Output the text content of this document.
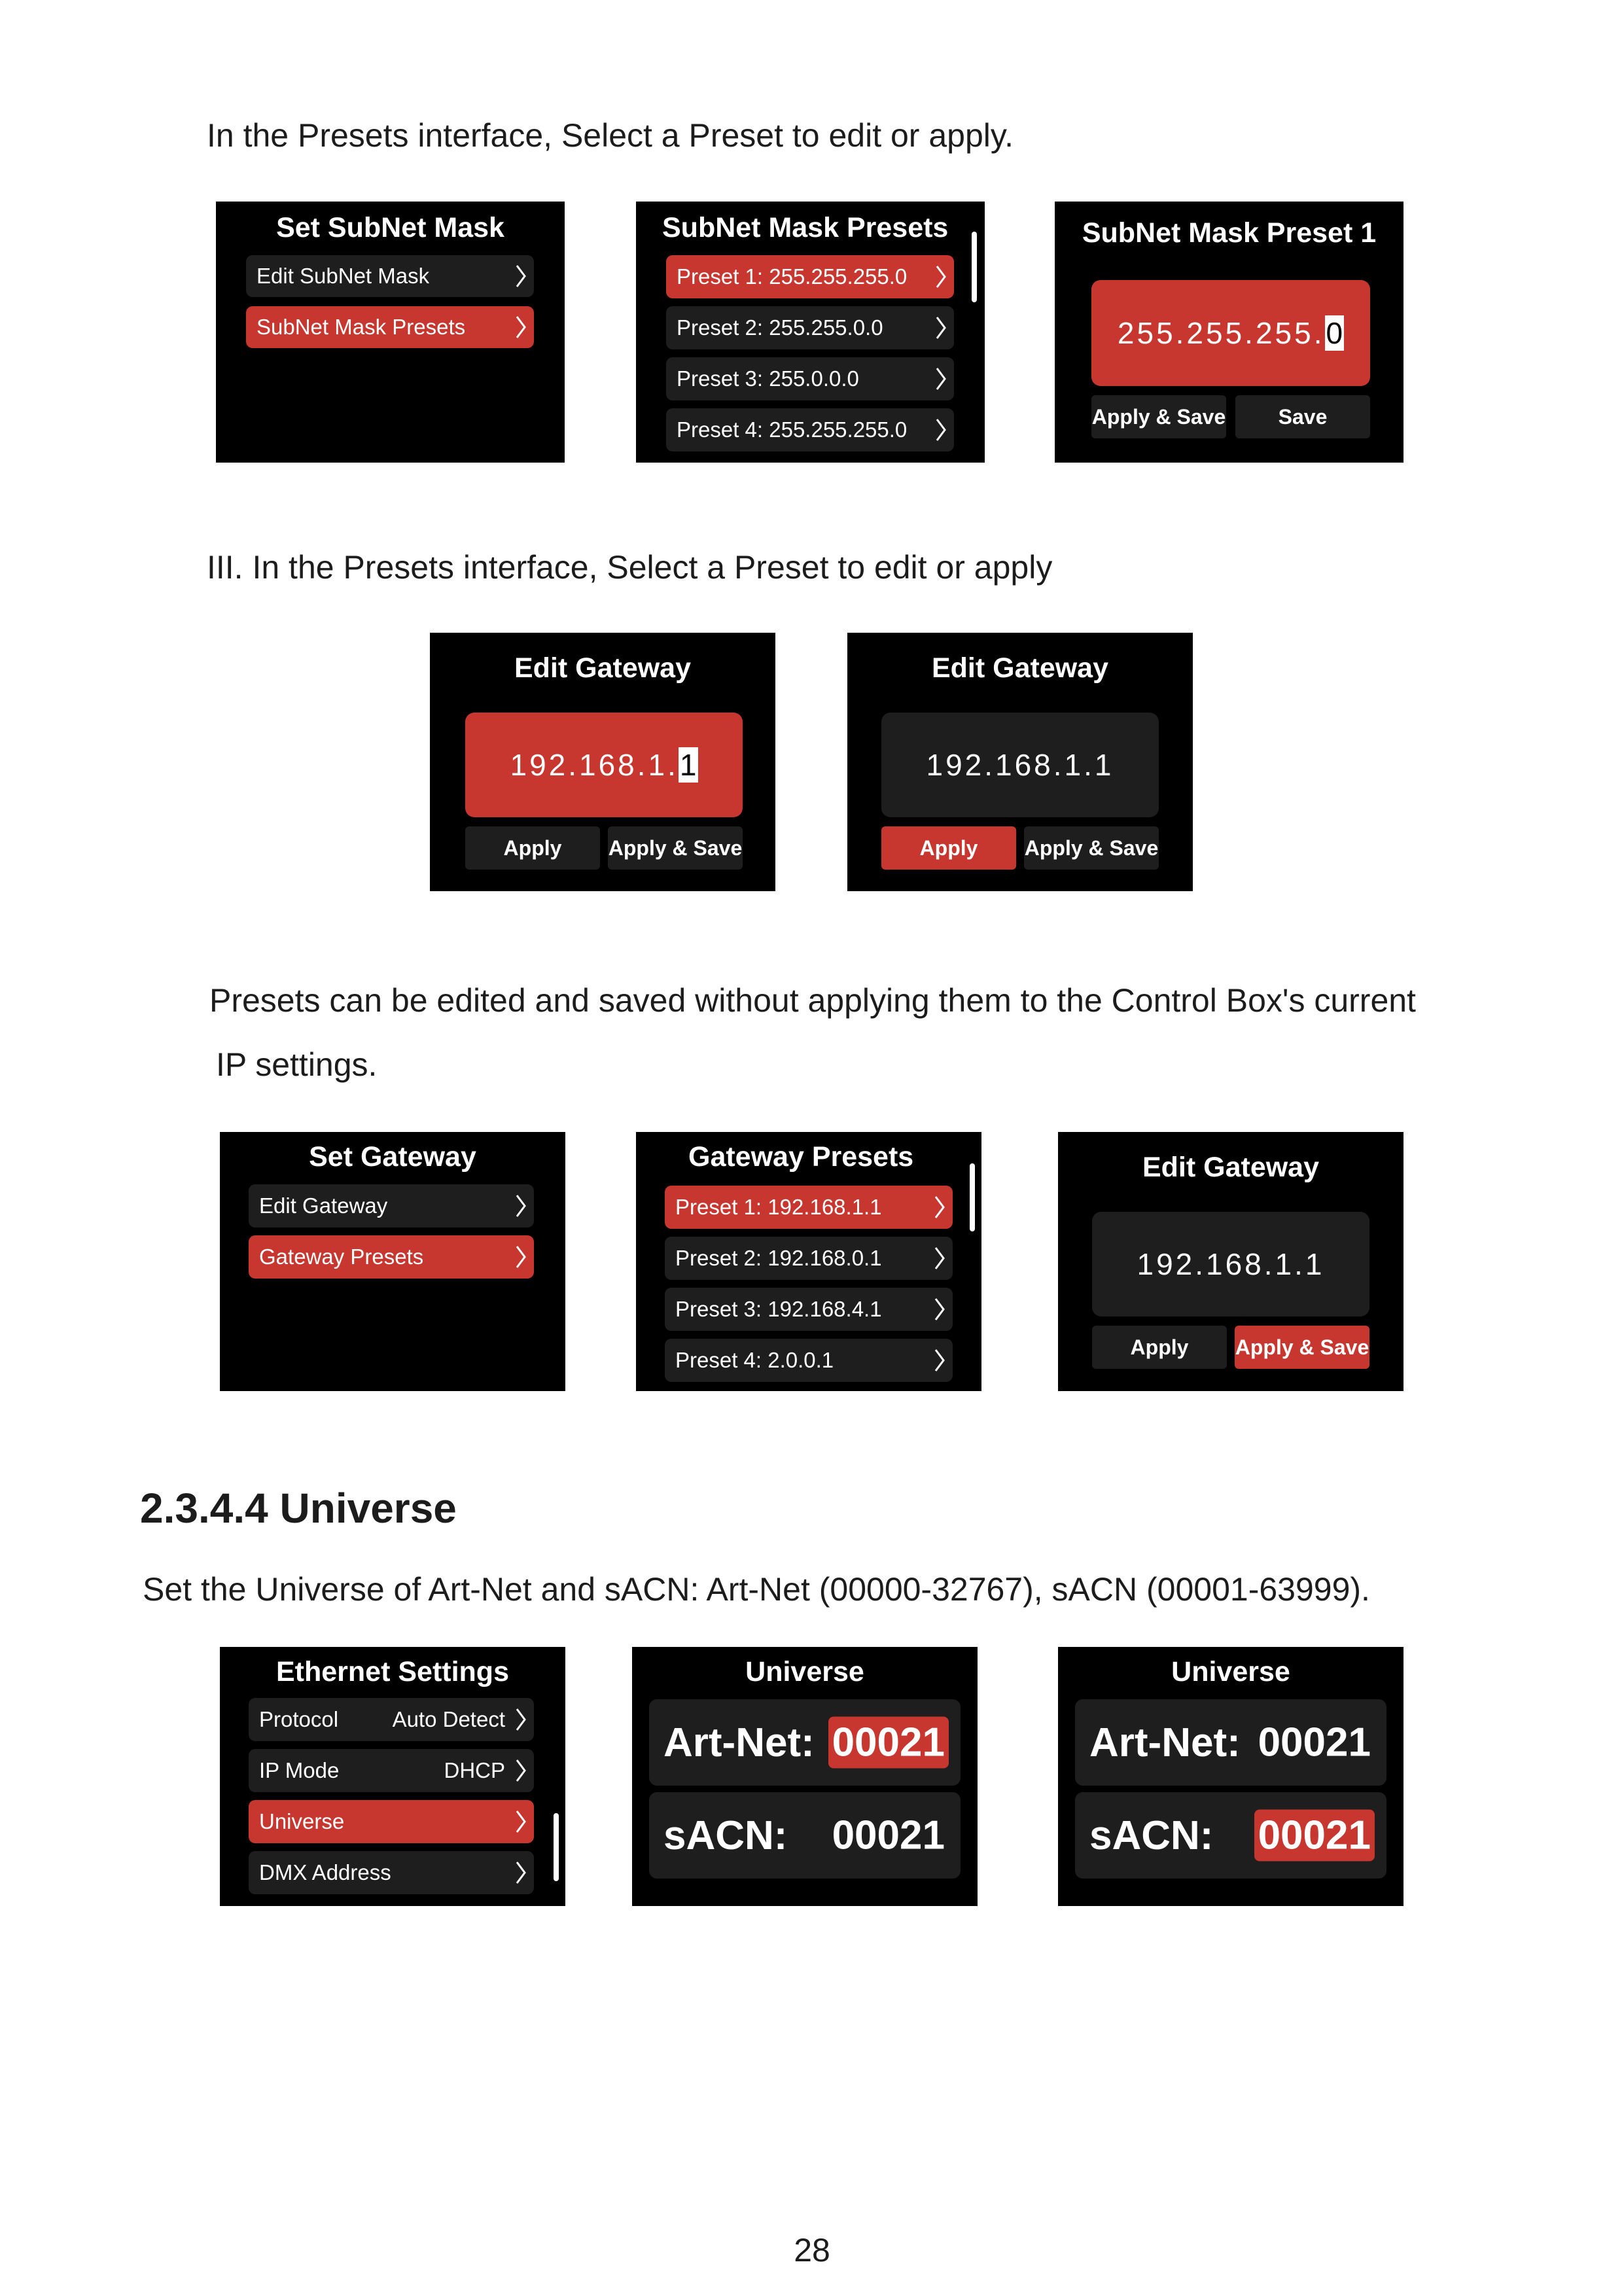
In the Presets interface, Select a Preset to edit or apply.

Set SubNet Mask
Edit SubNet Mask
SubNet Mask Presets
SubNet Mask Presets
Preset 1: 255.255.255.0
Preset 2: 255.255.0.0
Preset 3: 255.0.0.0
Preset 4: 255.255.255.0
SubNet Mask Preset 1
255.255.255. 0
Apply & Save	Save

III. In the Presets interface, Select a Preset to edit or apply

Edit Gateway
192.168.1. 1
Apply	Apply & Save
Edit Gateway
192.168.1.1
Apply	Apply & Save

Presets can be edited and saved without applying them to the Control Box's current

IP settings.

Set Gateway
Edit Gateway
Gateway Presets
Gateway Presets
Preset 1: 192.168.1.1
Preset 2: 192.168.0.1
Preset 3: 192.168.4.1
Preset 4: 2.0.0.1
Edit Gateway
192.168.1.1
Apply	Apply & Save
2.3.4.4 Universe

Set the Universe of Art-Net and sACN: Art-Net (00000-32767), sACN (00001-63999).

Ethernet Settings
Protocol	Auto Detect
IP Mode	DHCP
Universe
DMX Address
Universe
Art-Net: 00021
sACN: 00021
Universe
Art-Net: 00021
sACN: 00021
28
